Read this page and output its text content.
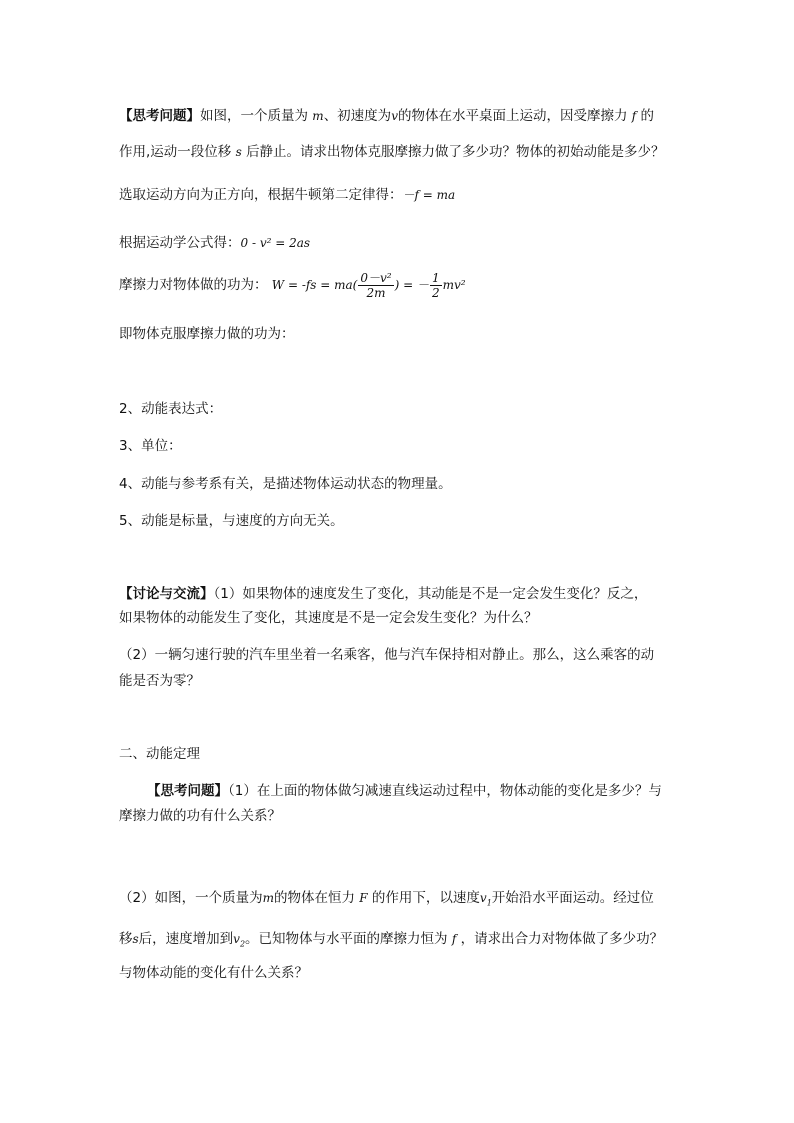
【思考问题】如图，一个质量为 m、初速度为v的物体在水平桌面上运动，因受摩擦力 f 的
作用,运动一段位移 s 后静止。请求出物体克服摩擦力做了多少功？物体的初始动能是多少？
选取运动方向为正方向，根据牛顿第二定律得：－f = ma
根据运动学公式得：0 - v² = 2as
摩擦力对物体做的功为： $W = -fs = ma( \frac{\text{0－v²}}{2m}$ ) = － $\frac{1}{2} mv^2$
即物体克服摩擦力做的功为：
2、动能表达式：
3、单位：
4、动能与参考系有关，是描述物体运动状态的物理量。
5、动能是标量，与速度的方向无关。
【讨论与交流】（1）如果物体的速度发生了变化，其动能是不是一定会发生变化？反之，
如果物体的动能发生了变化，其速度是不是一定会发生变化？为什么？
（2）一辆匀速行驶的汽车里坐着一名乘客，他与汽车保持相对静止。那么，这么乘客的动
能是否为零？
二、动能定理
【思考问题】（1）在上面的物体做匀减速直线运动过程中，物体动能的变化是多少？与
摩擦力做的功有什么关系？
（2）如图，一个质量为m的物体在恒力 F 的作用下，以速度$v_1$开始沿水平面运动。经过位
移s后，速度增加到$v_2$。已知物体与水平面的摩擦力恒为 f ，请求出合力对物体做了多少功？
与物体动能的变化有什么关系？
